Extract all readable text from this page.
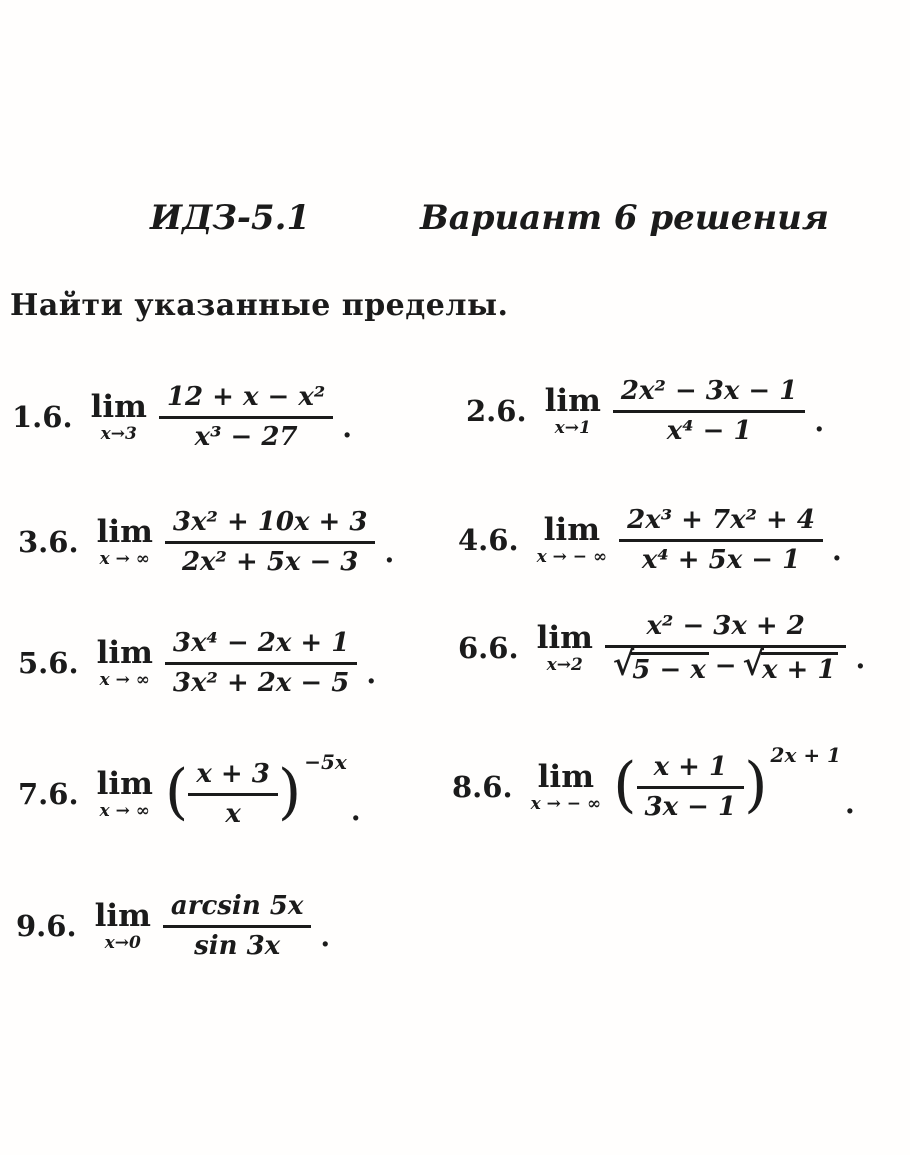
ИДЗ-5.1	Вариант 6 решения
Найти указанные пределы.
1.6. lim
$x\to 3 \frac{\text{12 + x − x²}}{\text{x³ − 27}}$ .	2.6. lim
$x\to 1 \frac{\text{2x² − 3x − 1}}{\text{x⁴ − 1}}$ .
3.6. lim
x → ∞ $\frac{\text{3x² + 10x + 3}}{\text{2x² + 5x − 3}}$ . 4.6. lim
x → − ∞ $\frac{\text{2x³ + 7x² + 4}}{\text{x⁴ + 5x − 1}}$ .
5.6. lim
x → ∞ $\frac{\text{3x⁴ − 2x + 1}}{\text{3x² + 2x − 5}}$ .
6.6. lim
x→2
x² − 3x + 2
√
5 − x − √
x + 1 .
7.6. lim
x → ∞ ( $\frac{x + 3}{x}$ ) −5x
.
8.6. lim
x → − ∞ ( $\frac{x + 1}{3x - 1}$ ) 2x + 1
.
9.6. lim
$x\to 0 \frac{\arcsin 5x}{\sin 3x}$ .
